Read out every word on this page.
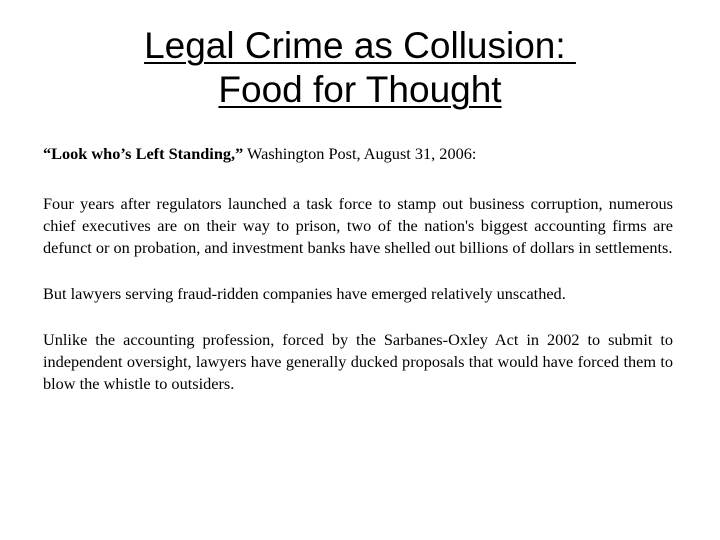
Legal Crime as Collusion:
Food for Thought

“Look who’s Left Standing,” Washington Post, August 31, 2006:

Four years after regulators launched a task force to stamp out business corruption, numerous chief executives are on their way to prison, two of the nation's biggest accounting firms are defunct or on probation, and investment banks have shelled out billions of dollars in settlements.

But lawyers serving fraud-ridden companies have emerged relatively unscathed.

Unlike the accounting profession, forced by the Sarbanes-Oxley Act in 2002 to submit to independent oversight, lawyers have generally ducked proposals that would have forced them to blow the whistle to outsiders.
